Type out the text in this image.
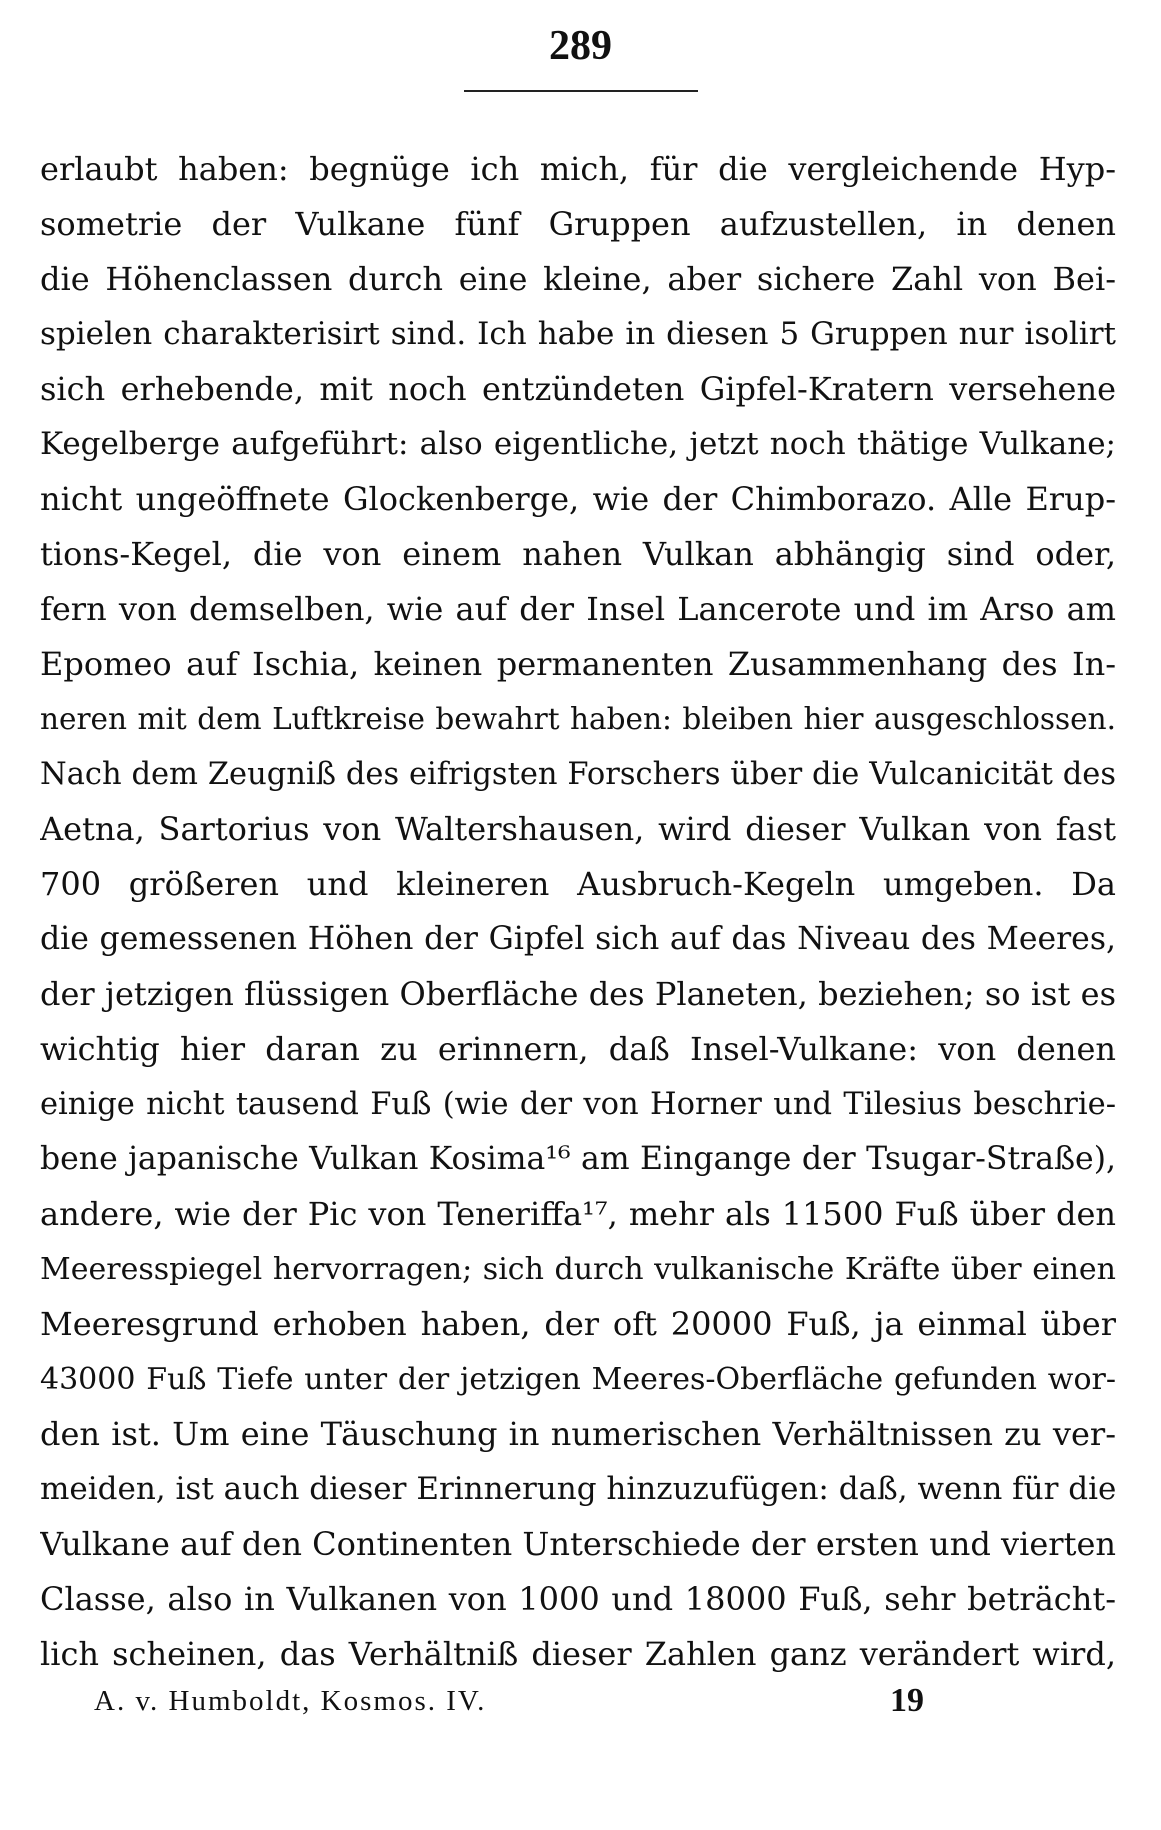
289
erlaubt haben: begnüge ich mich, für die vergleichende Hyp-
sometrie der Vulkane fünf Gruppen aufzustellen, in denen
die Höhenclassen durch eine kleine, aber sichere Zahl von Bei-
spielen charakterisirt sind. Ich habe in diesen 5 Gruppen nur isolirt
sich erhebende, mit noch entzündeten Gipfel-Kratern versehene
Kegelberge aufgeführt: also eigentliche, jetzt noch thätige Vulkane;
nicht ungeöffnete Glockenberge, wie der Chimborazo. Alle Erup-
tions-Kegel, die von einem nahen Vulkan abhängig sind oder,
fern von demselben, wie auf der Insel Lancerote und im Arso am
Epomeo auf Ischia, keinen permanenten Zusammenhang des In-
neren mit dem Luftkreise bewahrt haben: bleiben hier ausgeschlossen.
Nach dem Zeugniß des eifrigsten Forschers über die Vulcanicität des
Aetna, Sartorius von Waltershausen, wird dieser Vulkan von fast
700 größeren und kleineren Ausbruch-Kegeln umgeben. Da
die gemessenen Höhen der Gipfel sich auf das Niveau des Meeres,
der jetzigen flüssigen Oberfläche des Planeten, beziehen; so ist es
wichtig hier daran zu erinnern, daß Insel-Vulkane: von denen
einige nicht tausend Fuß (wie der von Horner und Tilesius beschrie-
bene japanische Vulkan Kosima¹⁶ am Eingange der Tsugar-Straße),
andere, wie der Pic von Teneriffa¹⁷, mehr als 11500 Fuß über den
Meeresspiegel hervorragen; sich durch vulkanische Kräfte über einen
Meeresgrund erhoben haben, der oft 20000 Fuß, ja einmal über
43000 Fuß Tiefe unter der jetzigen Meeres-Oberfläche gefunden wor-
den ist. Um eine Täuschung in numerischen Verhältnissen zu ver-
meiden, ist auch dieser Erinnerung hinzuzufügen: daß, wenn für die
Vulkane auf den Continenten Unterschiede der ersten und vierten
Classe, also in Vulkanen von 1000 und 18000 Fuß, sehr beträcht-
lich scheinen, das Verhältniß dieser Zahlen ganz verändert wird,
A. v. Humboldt, Kosmos. IV.	19
